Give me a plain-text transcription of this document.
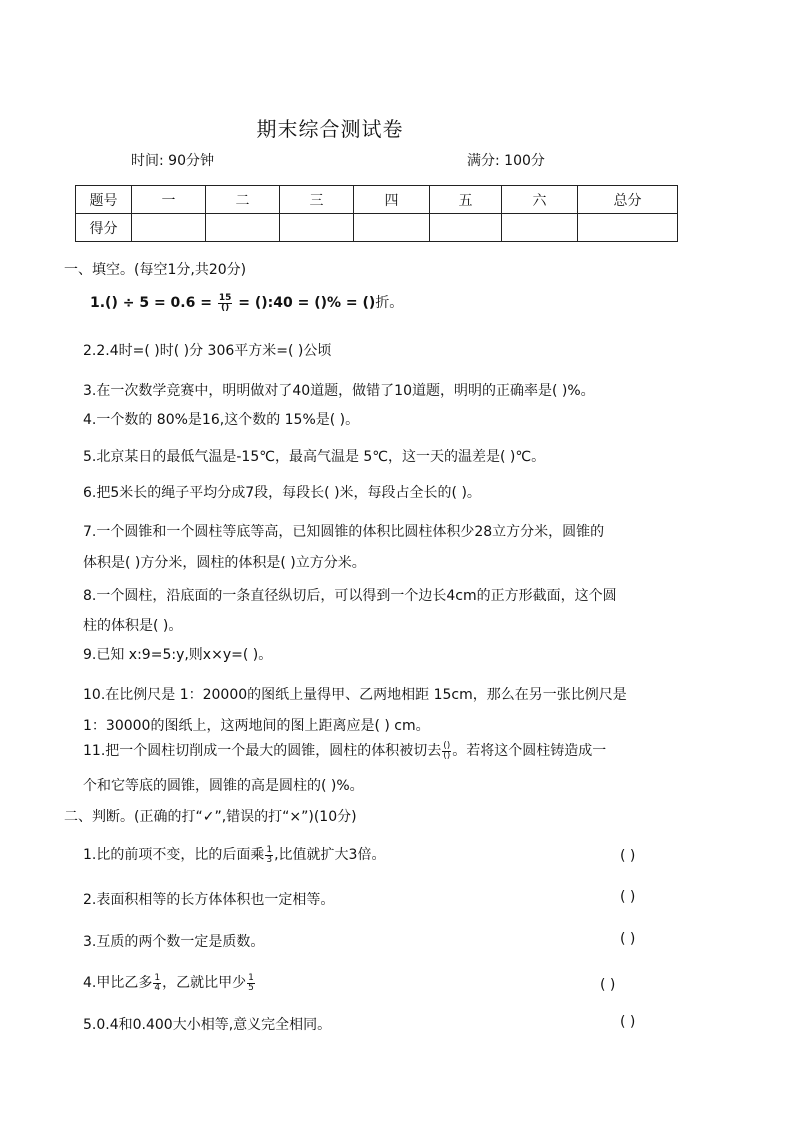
期末综合测试卷
时间: 90分钟	满分: 100分
题号	一	二	三	四	五	六	总分
得分							
一、填空。(每空1分,共20分)
$1.() \div 5 = 0.6 = \frac{15}{()}$ = ():40 = ()% = ()折。
2.2.4时=( )时( )分 306平方米=( )公顷
3.在一次数学竞赛中，明明做对了40道题，做错了10道题，明明的正确率是( )%。
4.一个数的 80%是16,这个数的 15%是( )。
5.北京某日的最低气温是-15℃，最高气温是 5℃，这一天的温差是( )℃。
6.把5米长的绳子平均分成7段，每段长( )米，每段占全长的( )。
7.一个圆锥和一个圆柱等底等高，已知圆锥的体积比圆柱体积少28立方分米，圆锥的
体积是( )方分米，圆柱的体积是( )立方分米。
8.一个圆柱，沿底面的一条直径纵切后，可以得到一个边长4cm的正方形截面，这个圆
柱的体积是( )。
9.已知 x:9=5:y,则x×y=( )。
10.在比例尺是 1：20000的图纸上量得甲、乙两地相距 15cm，那么在另一张比例尺是
1：30000的图纸上，这两地间的图上距离应是( ) cm。
11.把一个圆柱切削成一个最大的圆锥，圆柱的体积被切去 $\frac{()}{()}$ 。若将这个圆柱铸造成一
个和它等底的圆锥，圆锥的高是圆柱的( )%。
二、判断。(正确的打“✓”,错误的打“×”)(10分)
1.比的前项不变，比的后面乘 $\frac{1}{3}$ ,比值就扩大3倍。	( )
2.表面积相等的长方体体积也一定相等。	( )
3.互质的两个数一定是质数。	( )
4.甲比乙多 $\frac{1}{4}$ ，乙就比甲少 $\frac{1}{5}$	( )
5.0.4和0.400大小相等,意义完全相同。	( )
